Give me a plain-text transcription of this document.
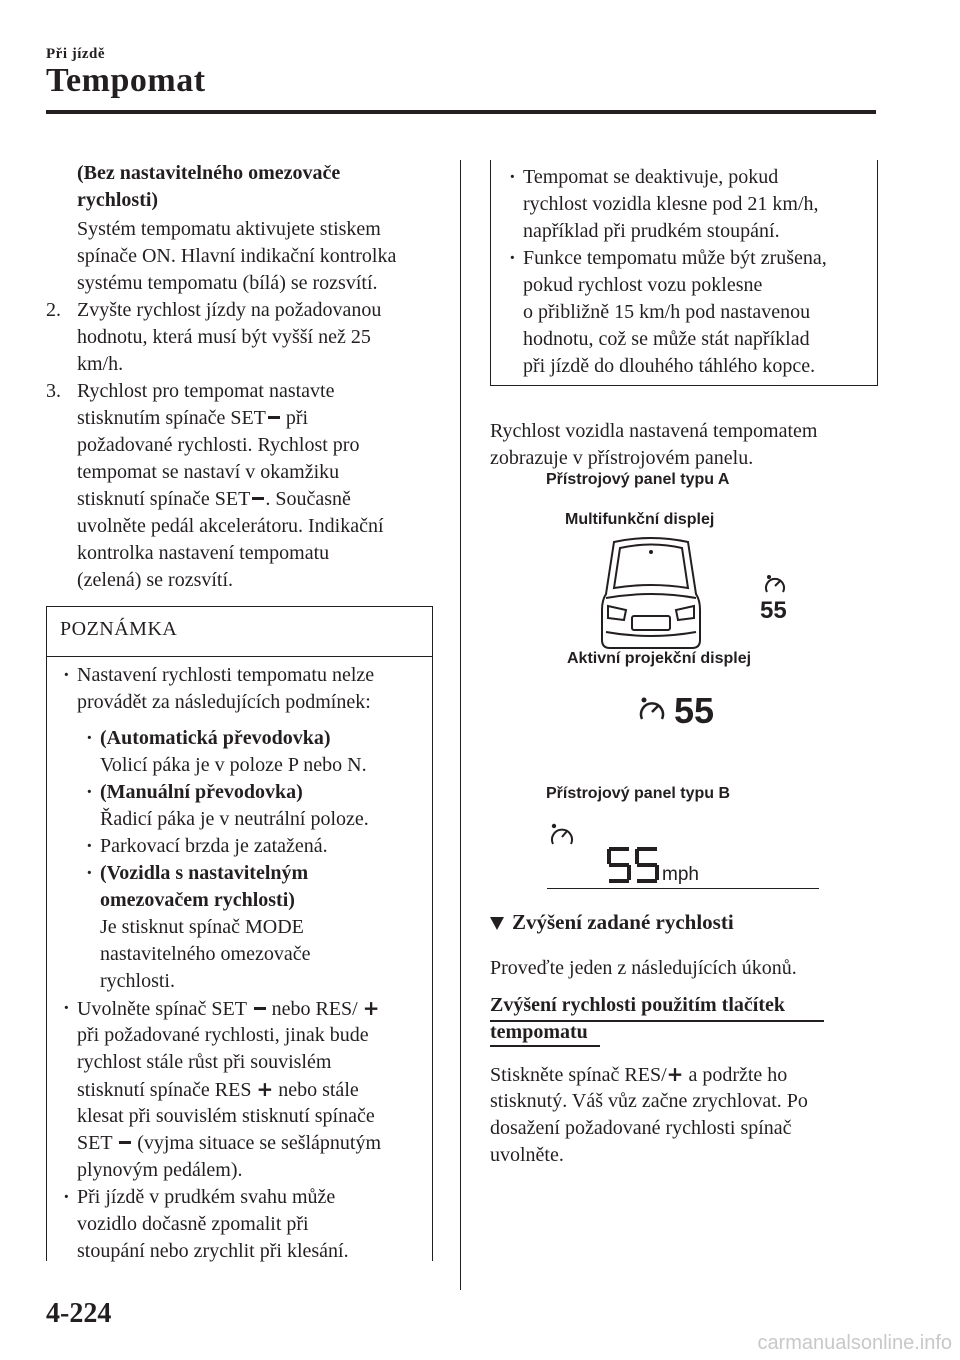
Při jízdě
Tempomat
(Bez nastavitelného omezovače
rychlosti)
Systém tempomatu aktivujete stiskem
spínače ON. Hlavní indikační kontrolka
systému tempomatu (bílá) se rozsvítí.
2. Zvyšte rychlost jízdy na požadovanou
hodnotu, která musí být vyšší než 25
km/h.
3. Rychlost pro tempomat nastavte
stisknutím spínače SET při
požadované rychlosti. Rychlost pro
tempomat se nastaví v okamžiku
stisknutí spínače SET . Současně
uvolněte pedál akcelerátoru. Indikační
kontrolka nastavení tempomatu
(zelená) se rozsvítí.
POZNÁMKA
· Nastavení rychlosti tempomatu nelze
provádět za následujících podmínek:
· (Automatická převodovka)
Volicí páka je v poloze P nebo N.
· (Manuální převodovka)
Řadicí páka je v neutrální poloze.
· Parkovací brzda je zatažená.
· (Vozidla s nastavitelným
omezovačem rychlosti)
Je stisknut spínač MODE
nastavitelného omezovače
rychlosti.
· Uvolněte spínač SET  nebo RES/ +
při požadované rychlosti, jinak bude
rychlost stále růst při souvislém
stisknutí spínače RES + nebo stále
klesat při souvislém stisknutí spínače
SET  (vyjma situace se sešlápnutým
plynovým pedálem).
· Při jízdě v prudkém svahu může
vozidlo dočasně zpomalit při
stoupání nebo zrychlit při klesání.
· Tempomat se deaktivuje, pokud
rychlost vozidla klesne pod 21 km/h,
například při prudkém stoupání.
· Funkce tempomatu může být zrušena,
pokud rychlost vozu poklesne
o přibližně 15 km/h pod nastavenou
hodnotu, což se může stát například
při jízdě do dlouhého táhlého kopce.
Rychlost vozidla nastavená tempomatem
zobrazuje v přístrojovém panelu.
Přístrojový panel typu A
Multifunkční displej
55
Aktivní projekční displej
55
Přístrojový panel typu B
mph
Zvýšení zadané rychlosti
Proveďte jeden z následujících úkonů.
Zvýšení rychlosti použitím tlačítek
tempomatu
Stiskněte spínač RES/+ a podržte ho
stisknutý. Váš vůz začne zrychlovat. Po
dosažení požadované rychlosti spínač
uvolněte.
4-224
carmanualsonline.info
